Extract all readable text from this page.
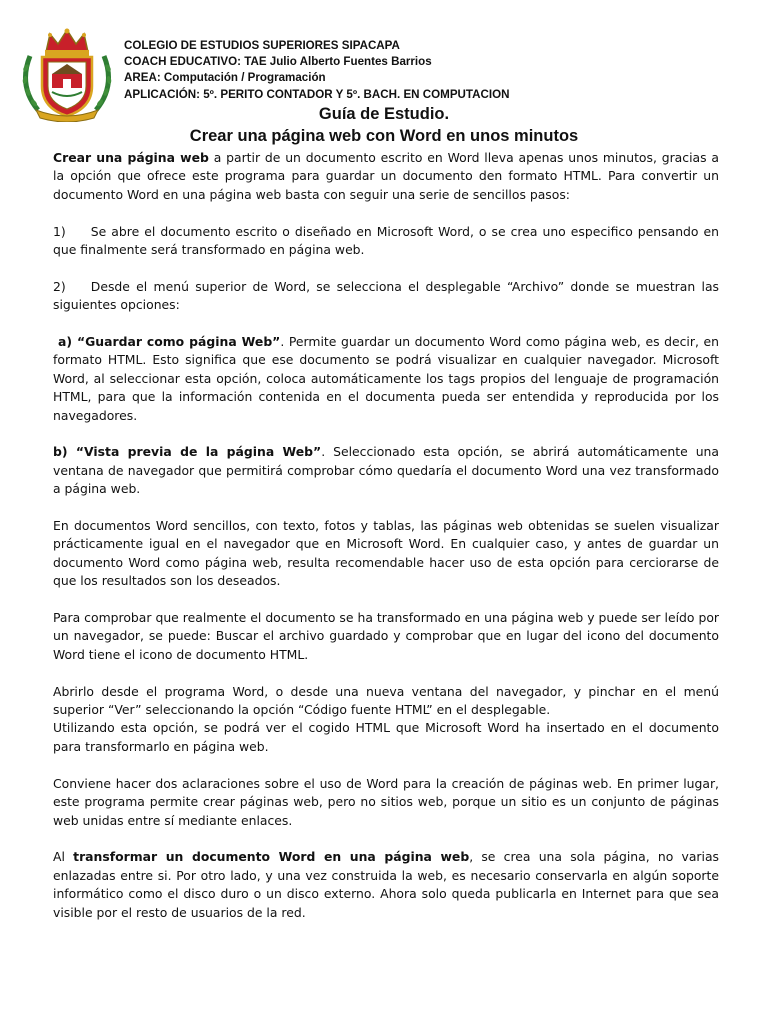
COLEGIO DE ESTUDIOS SUPERIORES SIPACAPA
COACH EDUCATIVO: TAE Julio Alberto Fuentes Barrios
AREA: Computación / Programación
APLICACIÓN: 5º. PERITO CONTADOR Y 5º. BACH. EN COMPUTACION
Guía de Estudio.
Crear una página web con Word en unos minutos

Crear una página web a partir de un documento escrito en Word lleva apenas unos minutos, gracias a la opción que ofrece este programa para guardar un documento den formato HTML. Para convertir un documento Word en una página web basta con seguir una serie de sencillos pasos:

1)     Se abre el documento escrito o diseñado en Microsoft Word, o se crea uno especifico pensando en que finalmente será transformado en página web.

2)    Desde el menú superior de Word, se selecciona el desplegable “Archivo” donde se muestran las siguientes opciones:

a) “Guardar como página Web”. Permite guardar un documento Word como página web, es decir, en formato HTML. Esto significa que ese documento se podrá visualizar en cualquier navegador. Microsoft Word, al seleccionar esta opción, coloca automáticamente los tags propios del lenguaje de programación HTML, para que la información contenida en el documenta pueda ser entendida y reproducida por los navegadores.

b) “Vista previa de la página Web”. Seleccionado esta opción, se abrirá automáticamente una ventana de navegador que permitirá comprobar cómo quedaría el documento Word una vez transformado a página web.

En documentos Word sencillos, con texto, fotos y tablas, las páginas web obtenidas se suelen visualizar prácticamente igual en el navegador que en Microsoft Word. En cualquier caso, y antes de guardar un documento Word como página web, resulta recomendable hacer uso de esta opción para cerciorarse de que los resultados son los deseados.

Para comprobar que realmente el documento se ha transformado en una página web y puede ser leído por un navegador, se puede: Buscar el archivo guardado y comprobar que en lugar del icono del documento Word tiene el icono de documento HTML.

Abrirlo desde el programa Word, o desde una nueva ventana del navegador, y pinchar en el menú superior “Ver” seleccionando la opción “Código fuente HTML” en el desplegable.

Utilizando esta opción, se podrá ver el cogido HTML que Microsoft Word ha insertado en el documento para transformarlo en página web.

Conviene hacer dos aclaraciones sobre el uso de Word para la creación de páginas web. En primer lugar, este programa permite crear páginas web, pero no sitios web, porque un sitio es un conjunto de páginas web unidas entre sí mediante enlaces.

Al transformar un documento Word en una página web, se crea una sola página, no varias enlazadas entre si. Por otro lado, y una vez construida la web, es necesario conservarla en algún soporte informático como el disco duro o un disco externo. Ahora solo queda publicarla en Internet para que sea visible por el resto de usuarios de la red.
